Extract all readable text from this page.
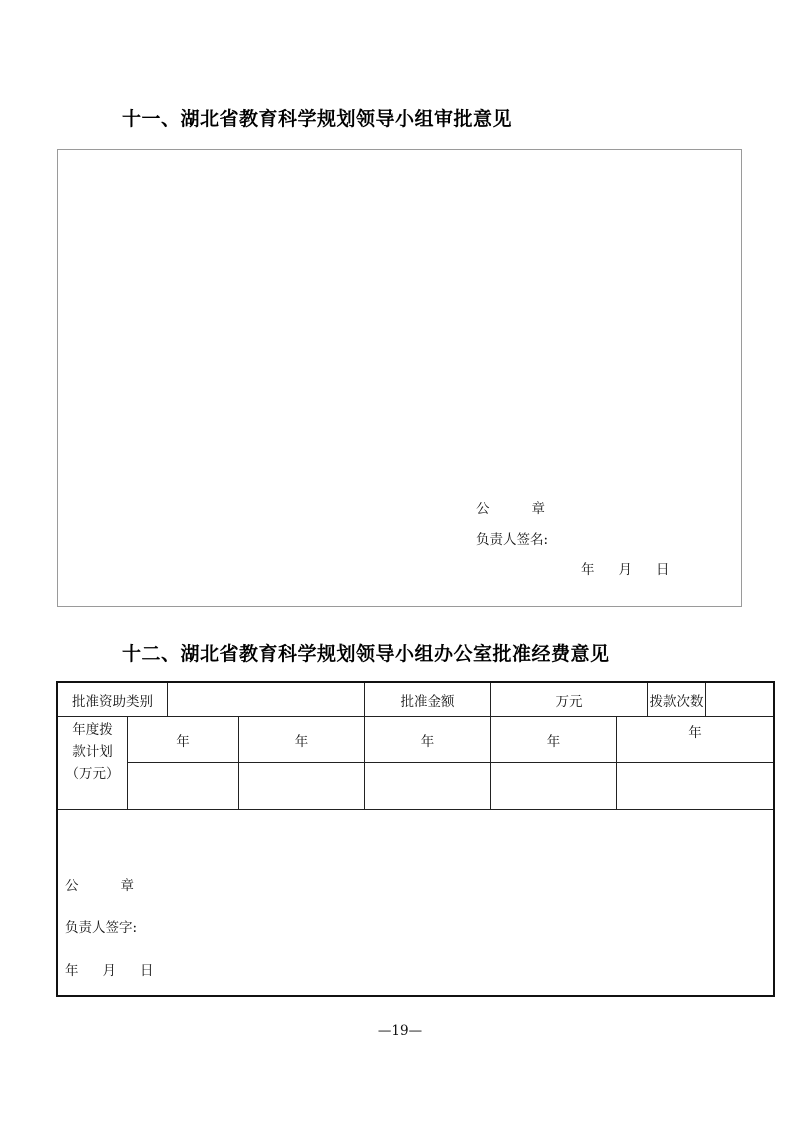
十一、湖北省教育科学规划领导小组审批意见
公	章
负责人签名:
年 月 日
十二、湖北省教育科学规划领导小组办公室批准经费意见
批准资助类别				批准金额	万元		拨款次数	

年度拨
款计划
（万元）	年		年	年	年	年		

公 章
负责人签字:
年 月 日								
—19—
